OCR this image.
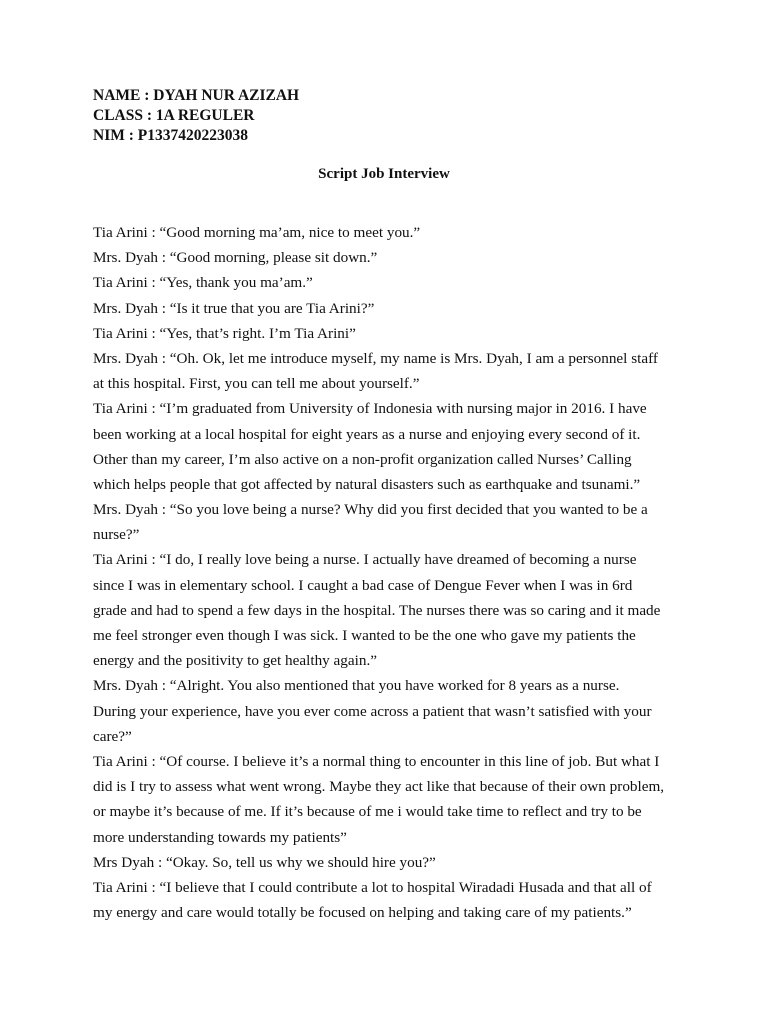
NAME : DYAH NUR AZIZAH
CLASS : 1A REGULER
NIM : P1337420223038
Script Job Interview
Tia Arini : “Good morning ma’am, nice to meet you.”
Mrs. Dyah : “Good morning, please sit down.”
Tia Arini : “Yes, thank you ma’am.”
Mrs. Dyah : “Is it true that you are Tia Arini?”
Tia Arini : “Yes, that’s right. I’m Tia Arini”
Mrs. Dyah : “Oh. Ok, let me introduce myself, my name is Mrs. Dyah, I am a personnel staff
at this hospital. First, you can tell me about yourself.”
Tia Arini : “I’m graduated from University of Indonesia with nursing major in 2016. I have
been working at a local hospital for eight years as a nurse and enjoying every second of it.
Other than my career, I’m also active on a non-profit organization called Nurses’ Calling
which helps people that got affected by natural disasters such as earthquake and tsunami.”
Mrs. Dyah : “So you love being a nurse? Why did you first decided that you wanted to be a
nurse?”
Tia Arini : “I do, I really love being a nurse. I actually have dreamed of becoming a nurse
since I was in elementary school. I caught a bad case of Dengue Fever when I was in 6rd
grade and had to spend a few days in the hospital. The nurses there was so caring and it made
me feel stronger even though I was sick. I wanted to be the one who gave my patients the
energy and the positivity to get healthy again.”
Mrs. Dyah : “Alright. You also mentioned that you have worked for 8 years as a nurse.
During your experience, have you ever come across a patient that wasn’t satisfied with your
care?”
Tia Arini : “Of course. I believe it’s a normal thing to encounter in this line of job. But what I
did is I try to assess what went wrong. Maybe they act like that because of their own problem,
or maybe it’s because of me. If it’s because of me i would take time to reflect and try to be
more understanding towards my patients”
Mrs Dyah : “Okay. So, tell us why we should hire you?”
Tia Arini : “I believe that I could contribute a lot to hospital Wiradadi Husada and that all of
my energy and care would totally be focused on helping and taking care of my patients.”
